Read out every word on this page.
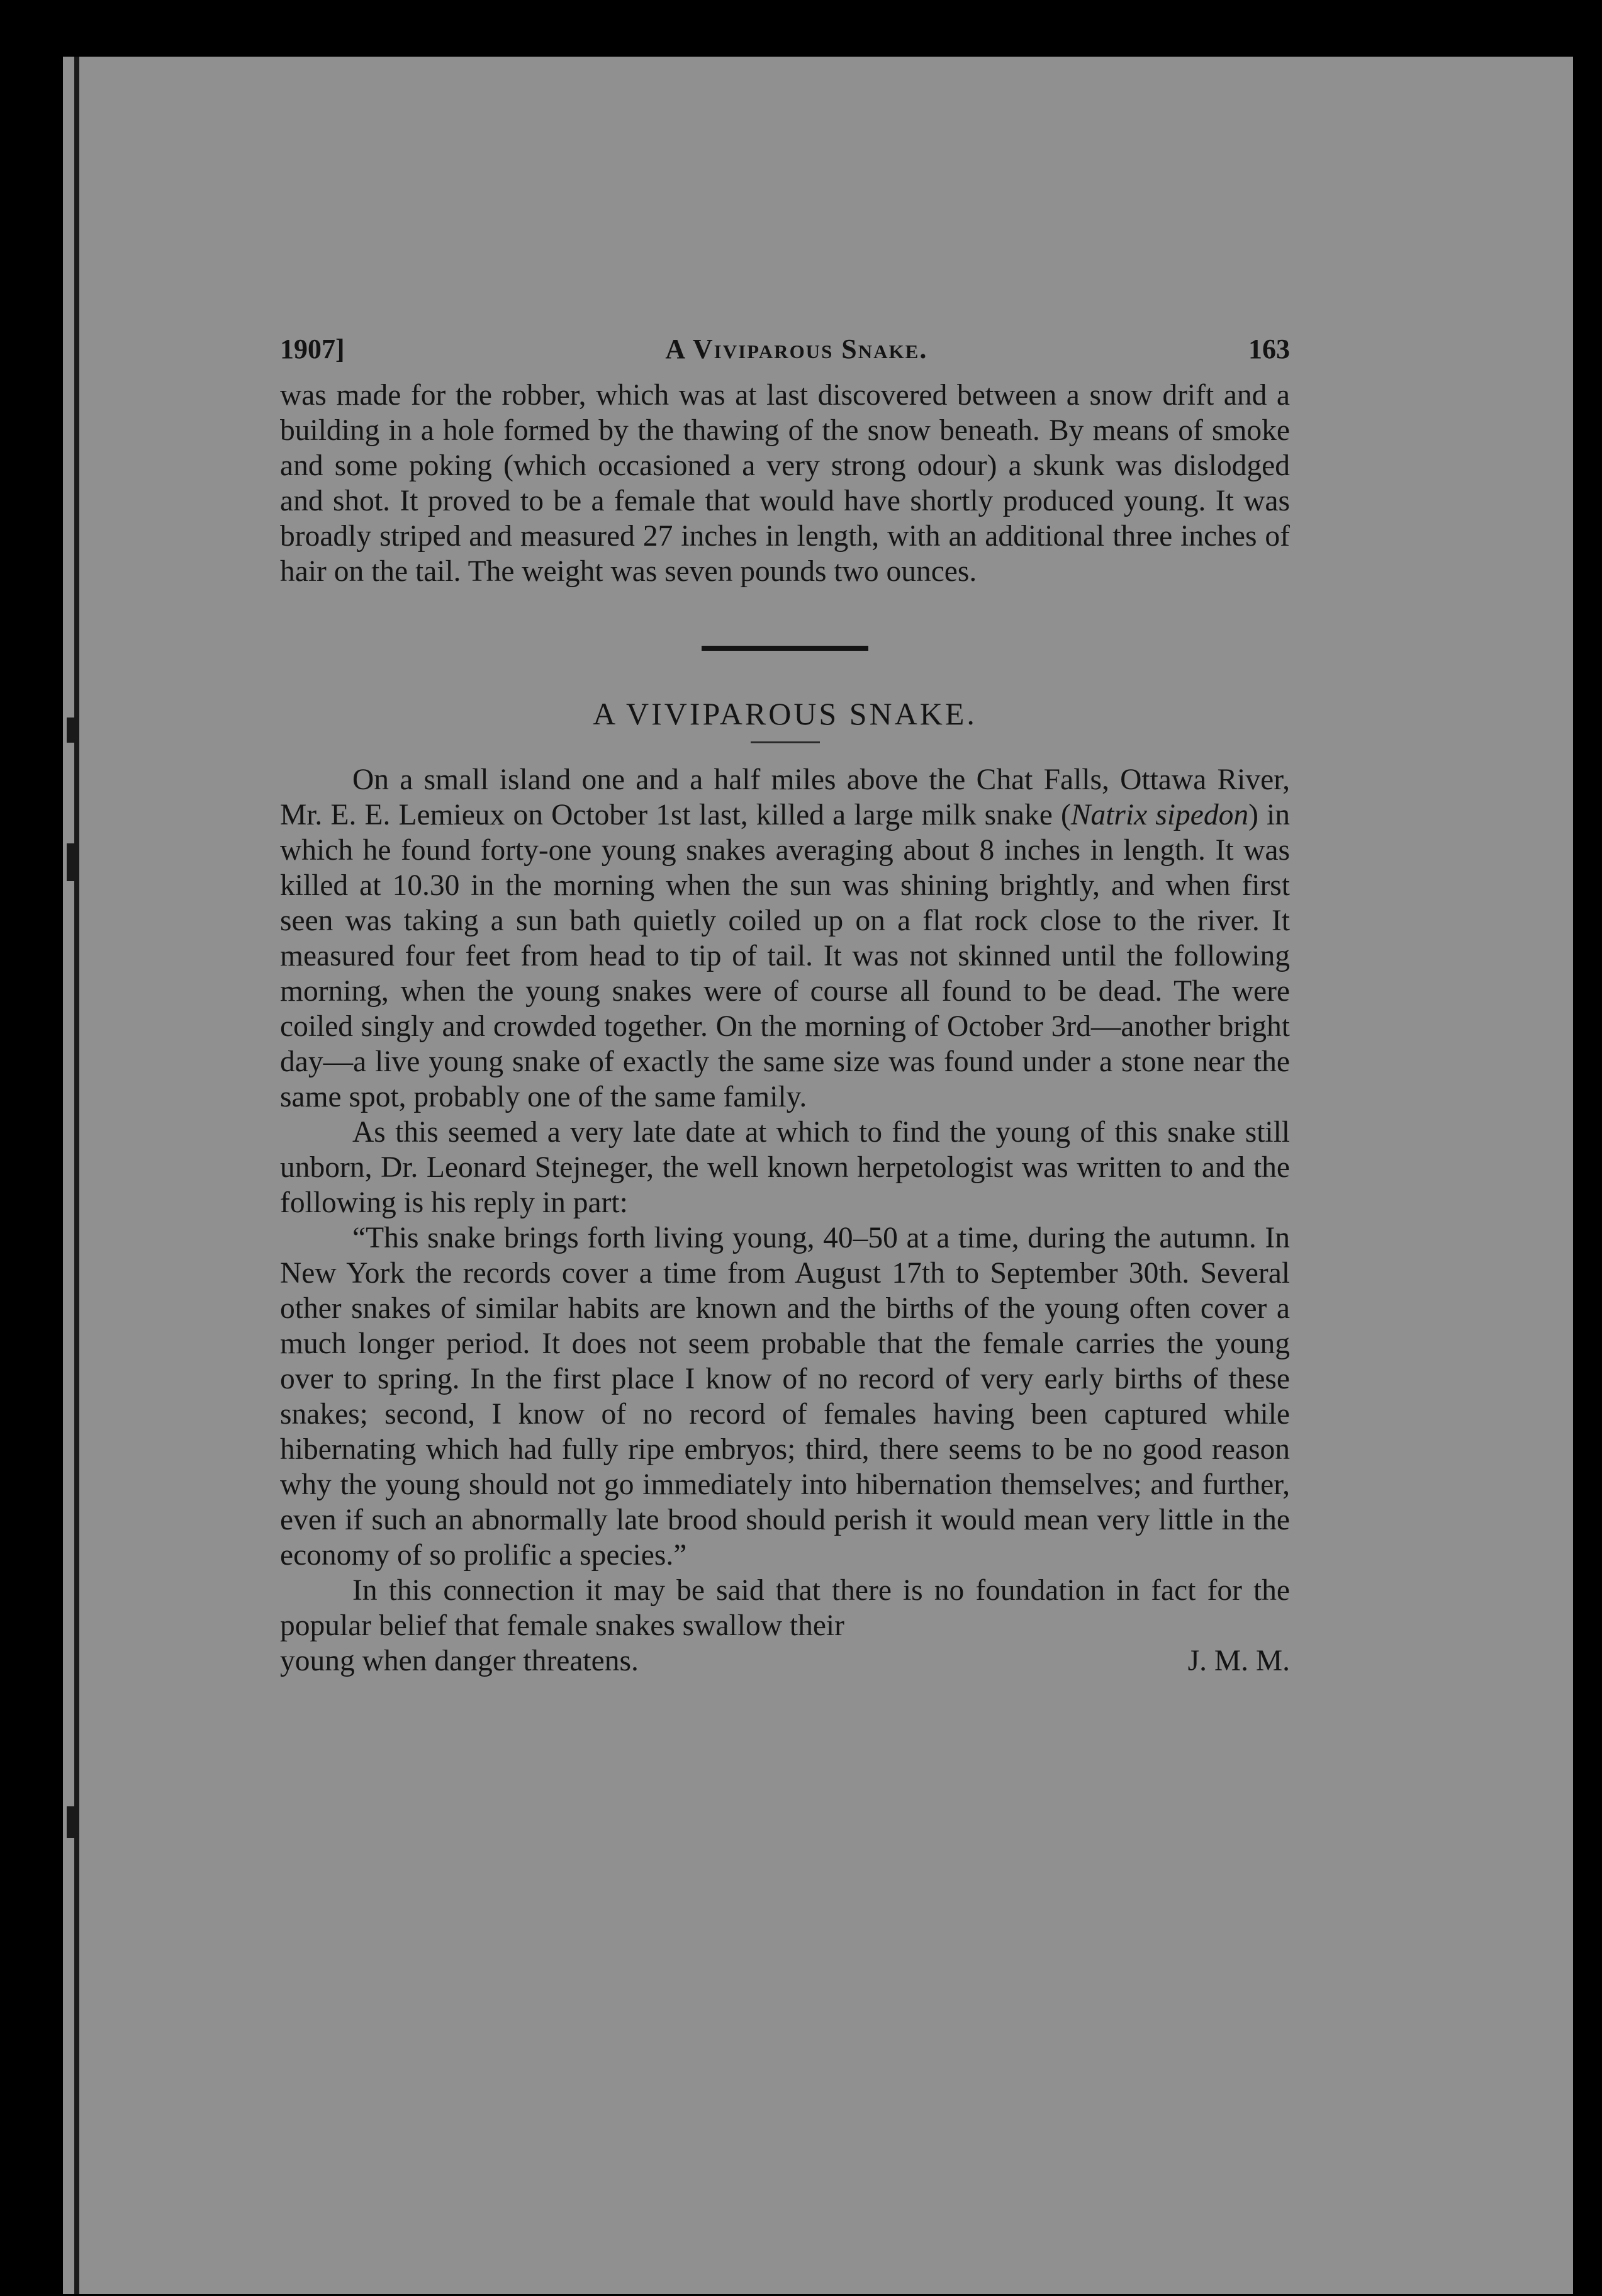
1907]	A Viviparous Snake.	163

was made for the robber, which was at last discovered between a snow drift and a building in a hole formed by the thawing of the snow beneath. By means of smoke and some poking (which occasioned a very strong odour) a skunk was dislodged and shot. It proved to be a female that would have shortly produced young. It was broadly striped and measured 27 inches in length, with an additional three inches of hair on the tail. The weight was seven pounds two ounces.

A VIVIPAROUS SNAKE.

On a small island one and a half miles above the Chat Falls, Ottawa River, Mr. E. E. Lemieux on October 1st last, killed a large milk snake (Natrix sipedon) in which he found forty-one young snakes averaging about 8 inches in length. It was killed at 10.30 in the morning when the sun was shining brightly, and when first seen was taking a sun bath quietly coiled up on a flat rock close to the river. It measured four feet from head to tip of tail. It was not skinned until the following morning, when the young snakes were of course all found to be dead. The were coiled singly and crowded together. On the morning of October 3rd—another bright day—a live young snake of exactly the same size was found under a stone near the same spot, probably one of the same family.

As this seemed a very late date at which to find the young of this snake still unborn, Dr. Leonard Stejneger, the well known herpetologist was written to and the following is his reply in part:

“This snake brings forth living young, 40–50 at a time, during the autumn. In New York the records cover a time from August 17th to September 30th. Several other snakes of similar habits are known and the births of the young often cover a much longer period. It does not seem probable that the female carries the young over to spring. In the first place I know of no record of very early births of these snakes; second, I know of no record of females having been captured while hibernating which had fully ripe embryos; third, there seems to be no good reason why the young should not go immediately into hibernation themselves; and further, even if such an abnormally late brood should perish it would mean very little in the economy of so prolific a species.”

In this connection it may be said that there is no foundation in fact for the popular belief that female snakes swallow their

young when danger threatens.	J. M. M.
